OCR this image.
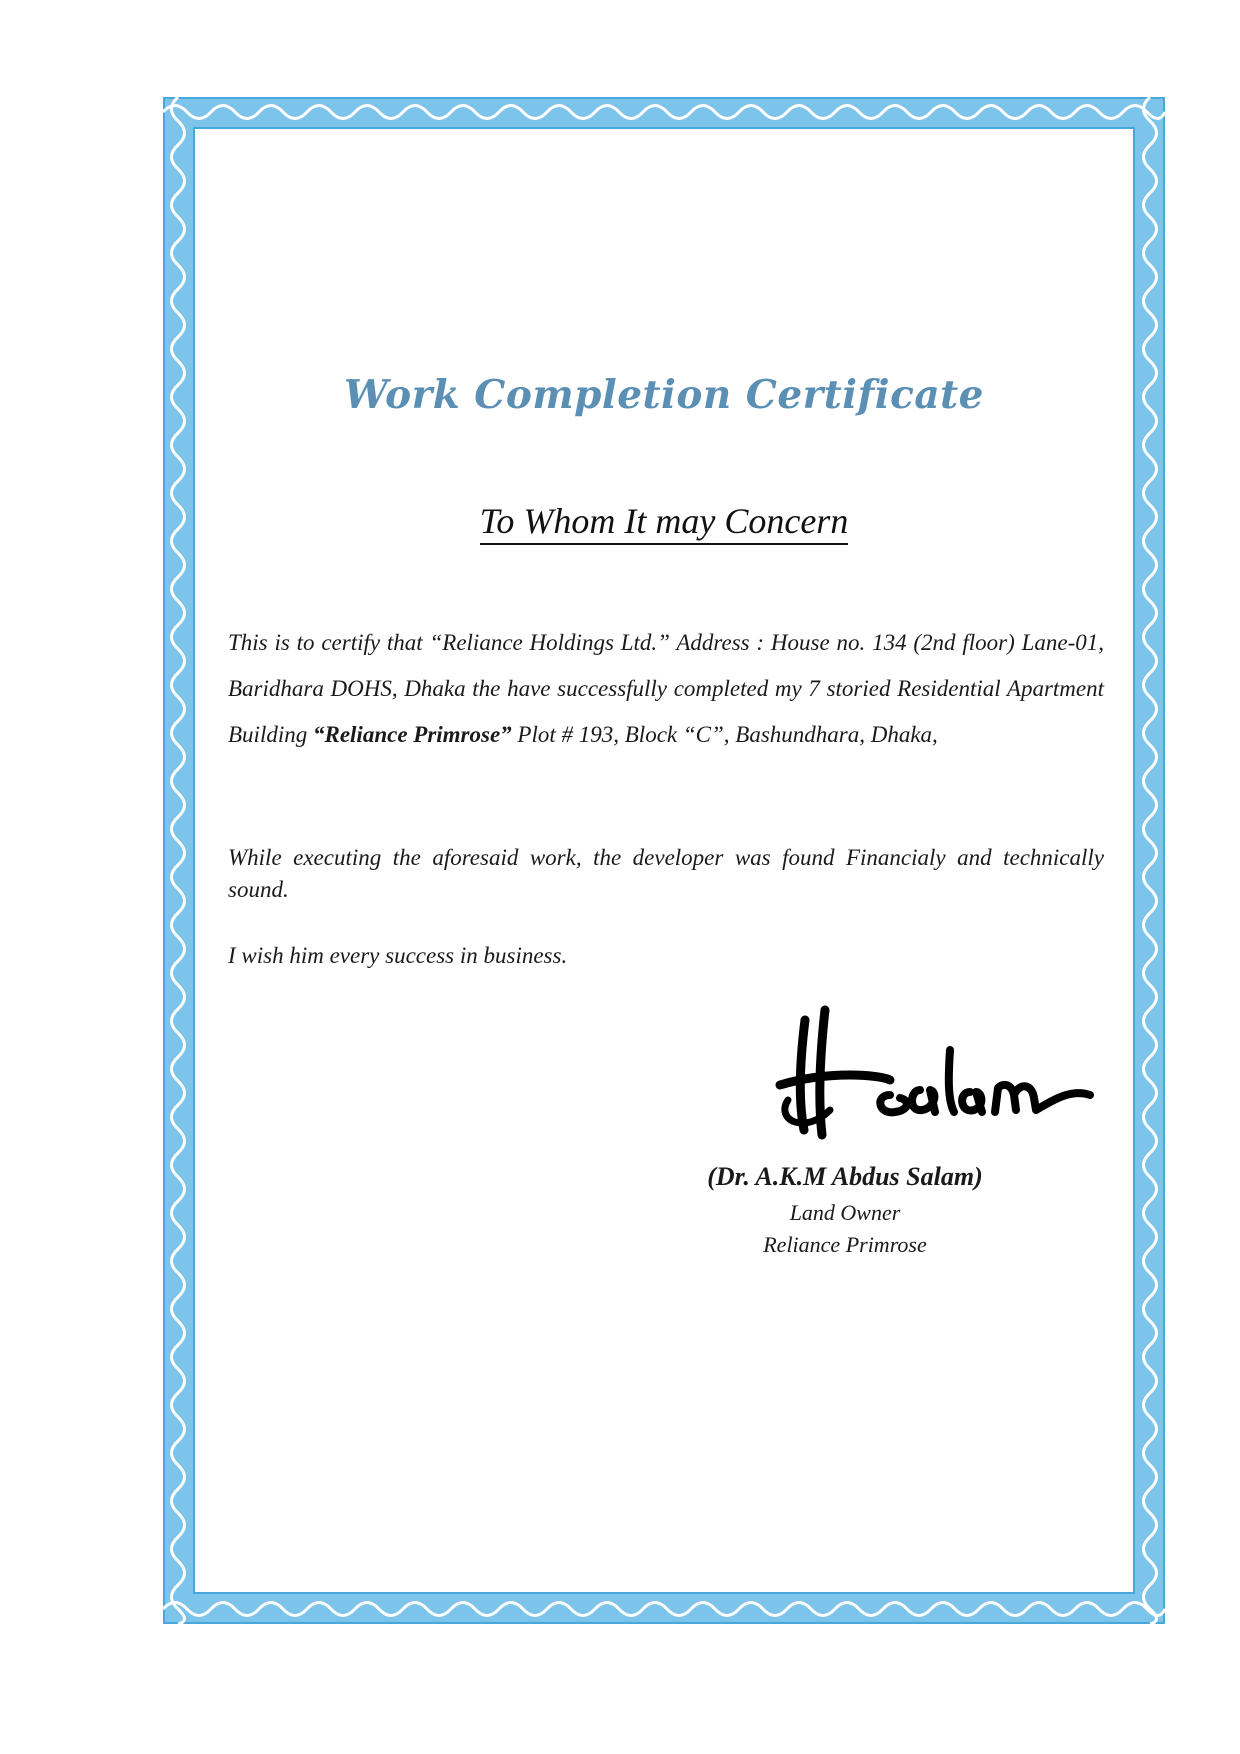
Work Completion Certificate
To Whom It may Concern
This is to certify that “Reliance Holdings Ltd.” Address : House no. 134 (2nd floor) Lane-01, Baridhara DOHS, Dhaka the have successfully completed my 7 storied Residential Apartment Building “Reliance Primrose” Plot # 193, Block “C”, Bashundhara, Dhaka,
While executing the aforesaid work, the developer was found Financialy and technically sound.
I wish him every success in business.
(Dr. A.K.M Abdus Salam)
Land Owner
Reliance Primrose
